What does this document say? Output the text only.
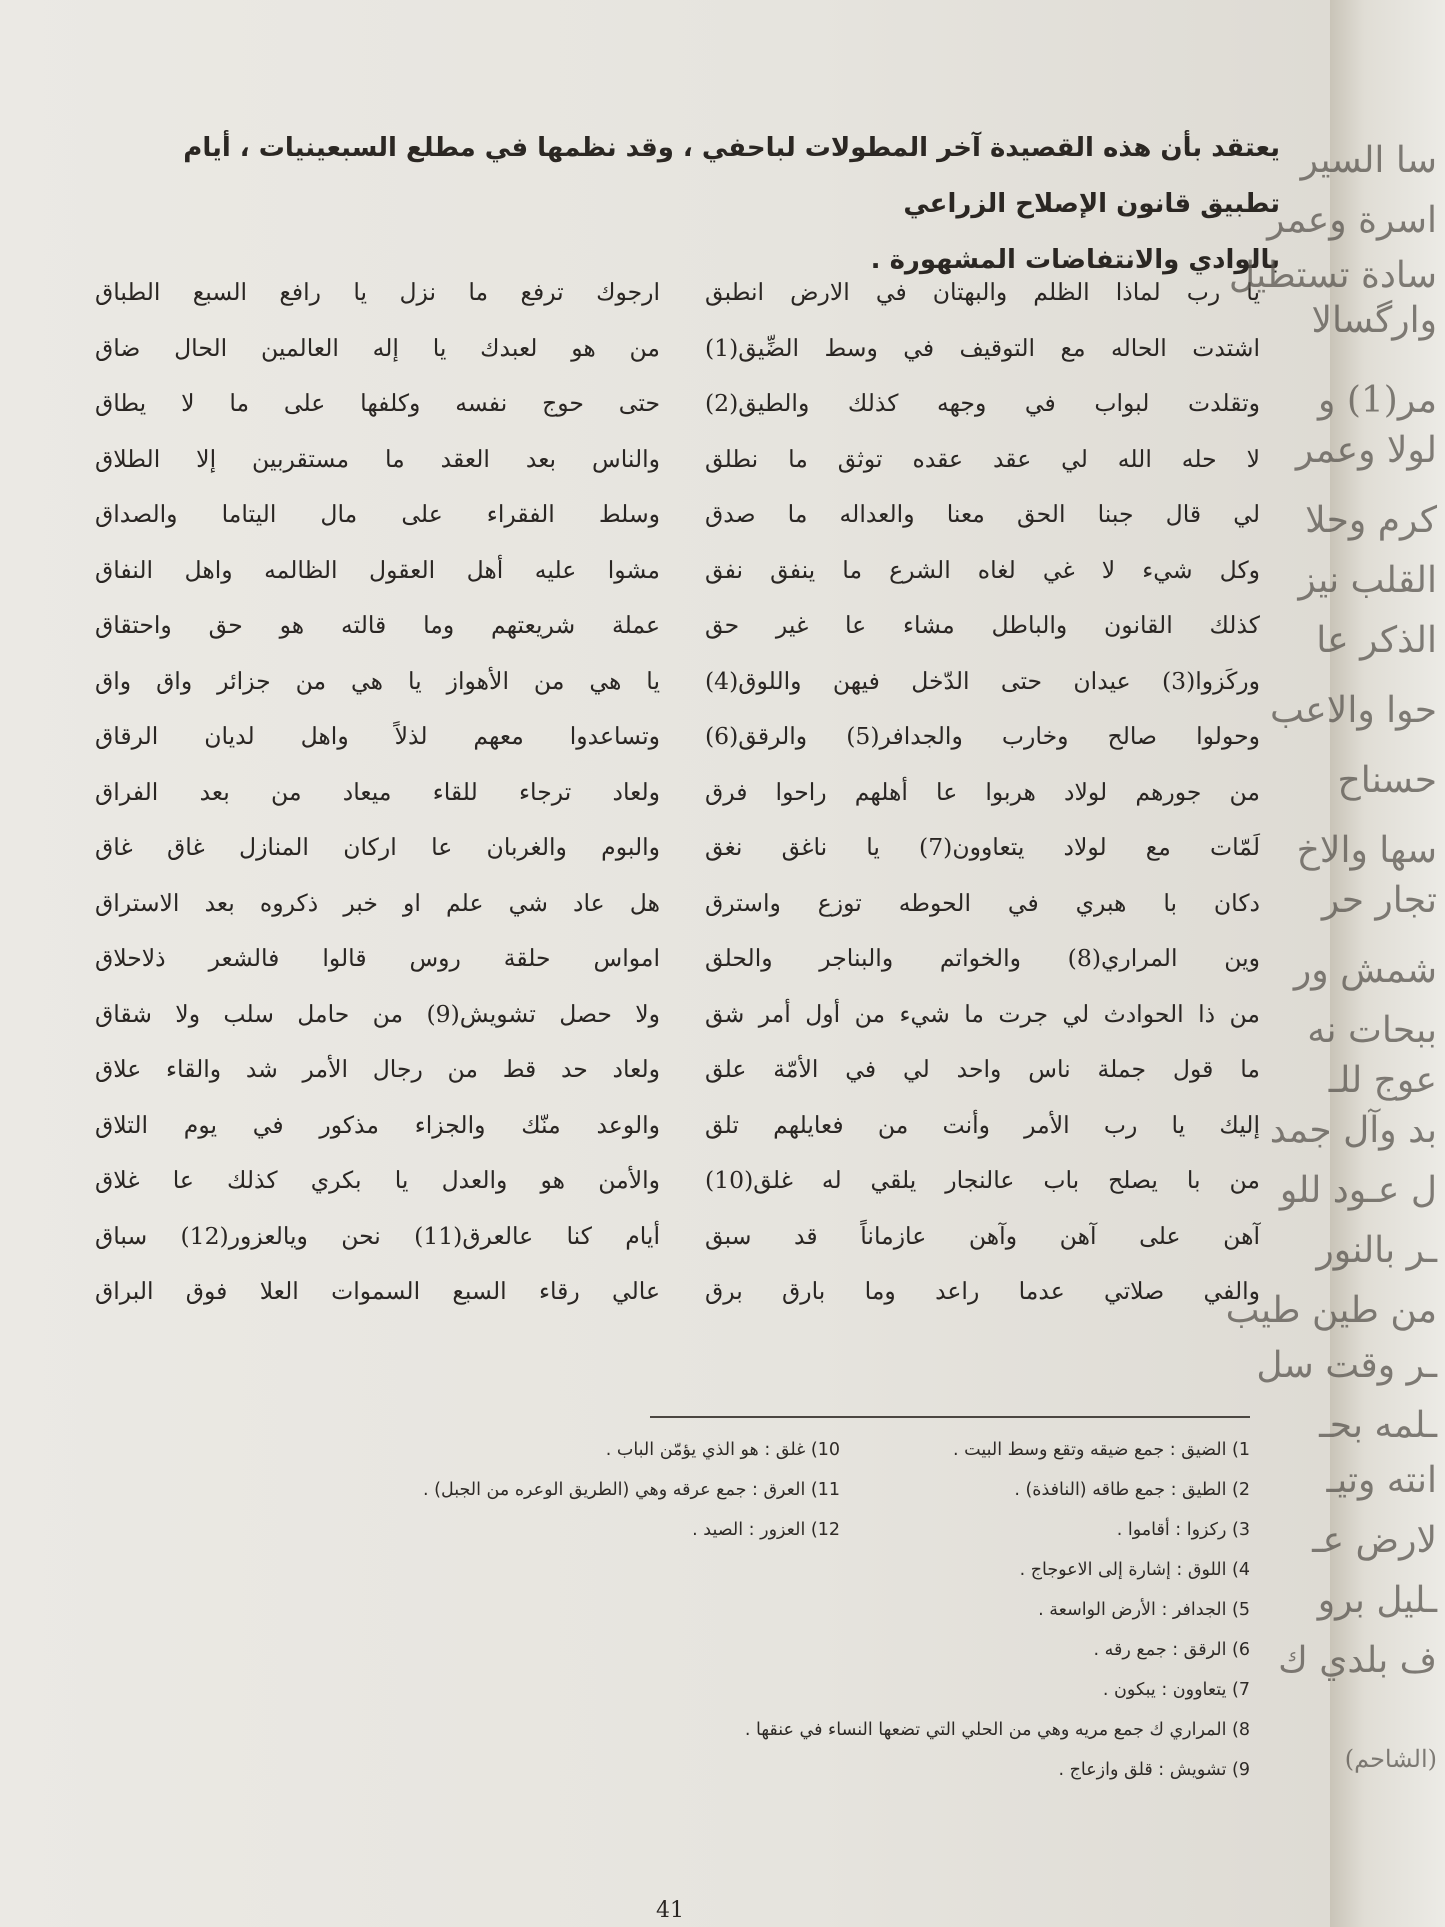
يعتقد بأن هذه القصيدة آخر المطولات لباحفي ، وقد نظمها في مطلع السبعينيات ، أيام تطبيق قانون الإصلاح الزراعي
بالوادي والانتفاضات المشهورة .
يا رب لماذا الظلم والبهتان في الارض انطبق
اشتدت الحاله مع التوقيف في وسط الضِّيق(1)
وتقلدت لبواب في وجهه كذلك والطيق(2)
لا حله الله لي عقد عقده توثق ما نطلق
لي قال جبنا الحق معنا والعداله ما صدق
وكل شيء لا غي لغاه الشرع ما ينفق نفق
كذلك القانون والباطل مشاء عا غير حق
وركَزوا(3) عيدان حتى الدّخل فيهن واللوق(4)
وحولوا صالح وخارب والجدافر(5) والرقق(6)
من جورهم لولاد هربوا عا أهلهم راحوا فرق
لَمّات مع لولاد يتعاوون(7) يا ناغق نغق
دكان با هبري في الحوطه توزع واسترق
وين المراري(8) والخواتم والبناجر والحلق
من ذا الحوادث لي جرت ما شيء من أول أمر شق
ما قول جملة ناس واحد لي في الأمّة علق
إليك يا رب الأمر وأنت من فعايلهم تلق
من با يصلح باب عالنجار يلقي له غلق(10)
آهن على آهن وآهن عازماناً قد سبق
والفي صلاتي عدما راعد وما بارق برق
ارجوك ترفع ما نزل يا رافع السبع الطباق
من هو لعبدك يا إله العالمين الحال ضاق
حتى حوج نفسه وكلفها على ما لا يطاق
والناس بعد العقد ما مستقربين إلا الطلاق
وسلط الفقراء على مال اليتاما والصداق
مشوا عليه أهل العقول الظالمه واهل النفاق
عملة شريعتهم وما قالته هو حق واحتقاق
يا هي من الأهواز يا هي من جزائر واق واق
وتساعدوا معهم لذلاً واهل لديان الرقاق
ولعاد ترجاء للقاء ميعاد من بعد الفراق
والبوم والغربان عا اركان المنازل غاق غاق
هل عاد شي علم او خبر ذكروه بعد الاستراق
امواس حلقة روس قالوا فالشعر ذلاحلاق
ولا حصل تشويش(9) من حامل سلب ولا شقاق
ولعاد حد قط من رجال الأمر شد والقاء علاق
والوعد منّك والجزاء مذكور في يوم التلاق
والأمن هو والعدل يا بكري كذلك عا غلاق
أيام كنا عالعرق(11) نحن ويالعزور(12) سباق
عالي رقاء السبع السموات العلا فوق البراق
1) الضيق : جمع ضيقه وتقع وسط البيت .
2) الطيق : جمع طاقه (النافذة) .
3) ركزوا : أقاموا .
4) اللوق : إشارة إلى الاعوجاج .
5) الجدافر : الأرض الواسعة .
6) الرقق : جمع رقه .
7) يتعاوون : يبكون .
8) المراري ك جمع مريه وهي من الحلي التي تضعها النساء في عنقها .
9) تشويش : قلق وازعاج .
10) غلق : هو الذي يؤمّن الباب .
11) العرق : جمع عرقه وهي (الطريق الوعره من الجبل) .
12) العزور : الصيد .
41
سا السير
اسرة وعمر
سادة تستطيل
وارگسالا
مر(1) و
لولا وعمر
كرم وحلا
القلب نيز
الذكر عا
حوا والاعب
حسناح
سها والاخ
تجار حر
شمش ور
ببحات نه
عوج للـ
بد وآل جمد
ل عـود للو
ـر بالنور
من طين طيب
ـر وقت سل
ـلمه بحـ
انته وتيـ
لارض عـ
ـليل برو
ف بلدي ك
(الشاحم)
